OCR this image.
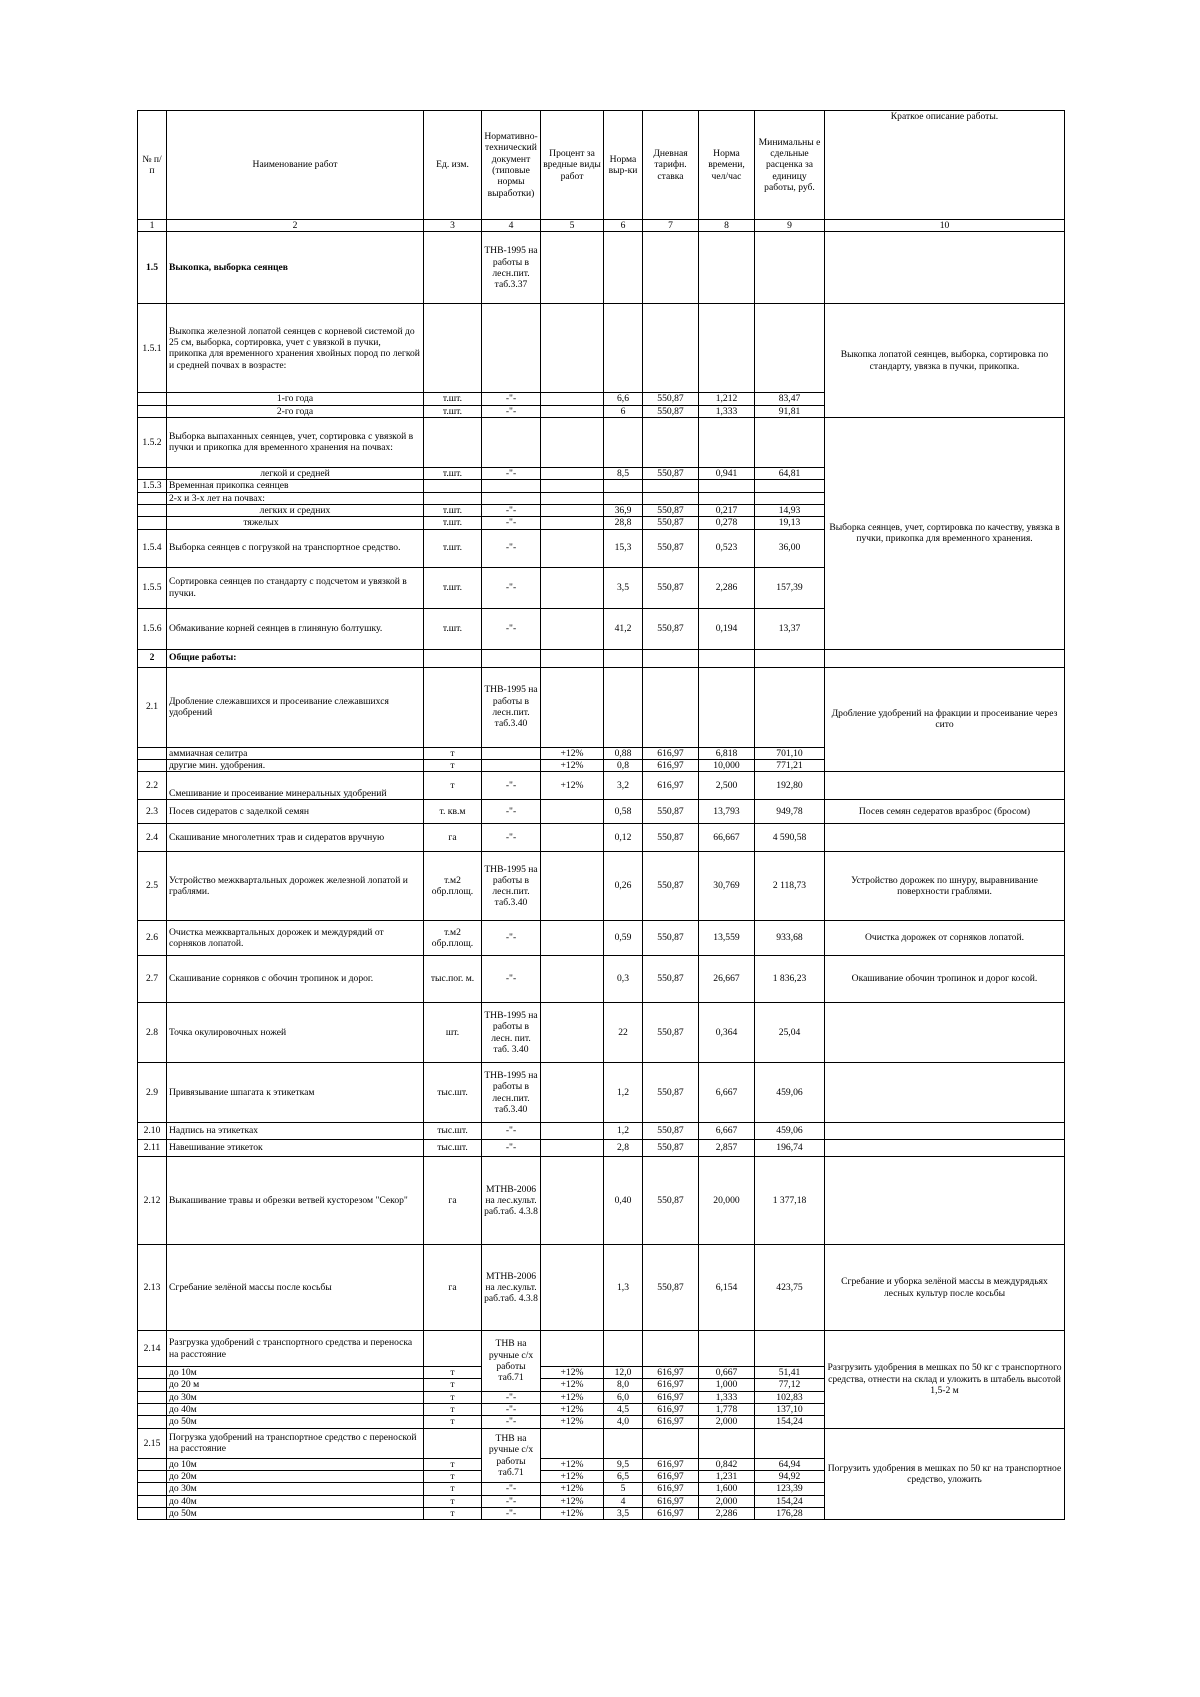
№ п/п	Наименование работ	Ед. изм.	Нормативно-технический документ (типовые нормы выработки)	Процент за вредные виды работ	Норма выр-ки	Дневная тарифн. ставка	Норма времени, чел/час	Минимальны е сдельные расценка за единицу работы, руб.	Краткое описание работы.
1	2	3	4	5	6	7	8	9	10
1.5	Выкопка, выборка сеянцев		ТНВ-1995 на работы в лесн.пит. таб.3.37						
1.5.1	Выкопка железной лопатой сеянцев с корневой системой до 25 см, выборка, сортировка, учет с увязкой в пучки, прикопка для временного хранения хвойных пород по легкой и средней почвах в возрасте:								Выкопка лопатой сеянцев, выборка, сортировка по стандарту, увязка в пучки, прикопка.
	1-го года	т.шт.	-"-		6,6	550,87	1,212	83,47	
	2-го года	т.шт.	-"-		6	550,87	1,333	91,81	
1.5.2	Выборка выпаханных сеянцев, учет, сортировка с увязкой в пучки и прикопка для временного хранения на почвах:								Выборка сеянцев, учет, сортировка по качеству, увязка в пучки, прикопка для временного хранения.
	легкой и средней	т.шт.	-"-		8,5	550,87	0,941	64,81	
1.5.3	Временная прикопка сеянцев								
	2-х и 3-х лет на почвах:								
	легких и средних	т.шт.	-"-		36,9	550,87	0,217	14,93	
	тяжелых	т.шт.	-"-		28,8	550,87	0,278	19,13	
1.5.4	Выборка сеянцев с погрузкой на транспортное средство.	т.шт.	-"-		15,3	550,87	0,523	36,00	
1.5.5	Сортировка сеянцев по стандарту с подсчетом и увязкой в пучки.	т.шт.	-"-		3,5	550,87	2,286	157,39	
1.5.6	Обмакивание корней сеянцев в глиняную болтушку.	т.шт.	-"-		41,2	550,87	0,194	13,37	
2	Общие работы:								
2.1	Дробление слежавшихся и просеивание слежавшихся удобрений		ТНВ-1995 на работы в лесн.пит. таб.3.40						Дробление удобрений на фракции и просеивание через сито
	аммиачная селитра	т		+12%	0,88	616,97	6,818	701,10	
	другие мин. удобрения.	т		+12%	0,8	616,97	10,000	771,21	
2.2	Смешивание и просеивание минеральных удобрений	т	-"-	+12%	3,2	616,97	2,500	192,80	
2.3	Посев сидератов с заделкой семян	т. кв.м	-"-		0,58	550,87	13,793	949,78	Посев семян седератов вразброс (бросом)
2.4	Скашивание многолетних трав и сидератов вручную	га	-"-		0,12	550,87	66,667	4 590,58	
2.5	Устройство межквартальных дорожек железной лопатой и граблями.	т.м2 обр.площ.	ТНВ-1995 на работы в лесн.пит. таб.3.40		0,26	550,87	30,769	2 118,73	Устройство дорожек по шнуру, выравнивание поверхности граблями.
2.6	Очистка межквартальных дорожек и междурядий от сорняков лопатой.	т.м2 обр.площ.	-"-		0,59	550,87	13,559	933,68	Очистка дорожек от сорняков лопатой.
2.7	Скашивание сорняков с обочин тропинок и дорог.	тыс.пог. м.	-"-		0,3	550,87	26,667	1 836,23	Окашивание обочин тропинок и дорог косой.
2.8	Точка окулировочных ножей	шт.	ТНВ-1995 на работы в лесн. пит. таб. 3.40		22	550,87	0,364	25,04	
2.9	Привязывание шпагата к этикеткам	тыс.шт.	ТНВ-1995 на работы в лесн.пит. таб.3.40		1,2	550,87	6,667	459,06	
2.10	Надпись на этикетках	тыс.шт.	-"-		1,2	550,87	6,667	459,06	
2.11	Навешивание этикеток	тыс.шт.	-"-		2,8	550,87	2,857	196,74	
2.12	Выкашивание травы и обрезки ветвей кусторезом "Секор"	га	МТНВ-2006 на лес.культ. раб.таб. 4.3.8		0,40	550,87	20,000	1 377,18	
2.13	Сгребание зелёной массы после косьбы	га	МТНВ-2006 на лес.культ. раб.таб. 4.3.8		1,3	550,87	6,154	423,75	Сгребание и уборка зелёной массы в междурядьях лесных культур после косьбы
2.14	Разгрузка удобрений с транспортного средства и переноска на расстояние		ТНВ на ручные с/х работы таб.71						Разгрузить удобрения в мешках по 50 кг с транспортного средства, отнести на склад и уложить в штабель высотой 1,5-2 м
	до 10м	т		+12%	12,0	616,97	0,667	51,41	
	до 20 м	т		+12%	8,0	616,97	1,000	77,12	
	до 30м	т	-"-	+12%	6,0	616,97	1,333	102,83	
	до 40м	т	-"-	+12%	4,5	616,97	1,778	137,10	
	до 50м	т	-"-	+12%	4,0	616,97	2,000	154,24	
2.15	Погрузка удобрений на транспортное средство с переноской на расстояние		ТНВ на ручные с/х работы таб.71						Погрузить удобрения в мешках по 50 кг на транспортное средство, уложить
	до 10м	т		+12%	9,5	616,97	0,842	64,94	
	до 20м	т		+12%	6,5	616,97	1,231	94,92	
	до 30м	т	-"-	+12%	5	616,97	1,600	123,39	
	до 40м	т	-"-	+12%	4	616,97	2,000	154,24	
	до 50м	т	-"-	+12%	3,5	616,97	2,286	176,28	
